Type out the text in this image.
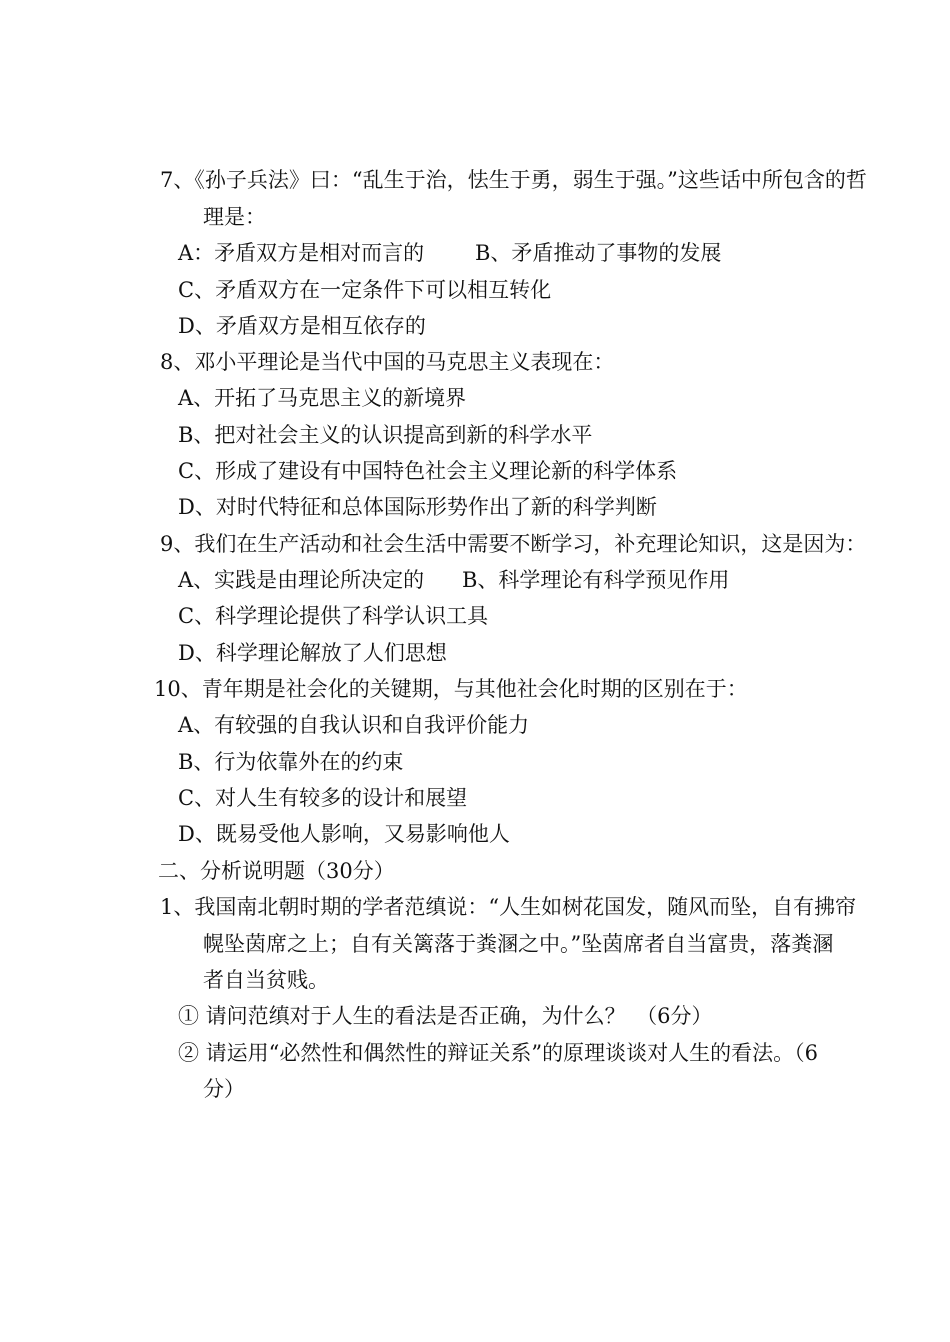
7、《孙子兵法》曰：“乱生于治，怯生于勇，弱生于强。”这些话中所包含的哲
理是：
A：矛盾双方是相对而言的 B、矛盾推动了事物的发展
C、矛盾双方在一定条件下可以相互转化
D、矛盾双方是相互依存的
8、邓小平理论是当代中国的马克思主义表现在：
A、开拓了马克思主义的新境界
B、把对社会主义的认识提高到新的科学水平
C、形成了建设有中国特色社会主义理论新的科学体系
D、对时代特征和总体国际形势作出了新的科学判断
9、我们在生产活动和社会生活中需要不断学习，补充理论知识，这是因为：
A、实践是由理论所决定的 B、科学理论有科学预见作用
C、科学理论提供了科学认识工具
D、科学理论解放了人们思想
10、青年期是社会化的关键期，与其他社会化时期的区别在于：
A、有较强的自我认识和自我评价能力
B、行为依靠外在的约束
C、对人生有较多的设计和展望
D、既易受他人影响，又易影响他人
二、分析说明题（30分）
1、我国南北朝时期的学者范缜说：“人生如树花国发，随风而坠，自有拂帘
幌坠茵席之上；自有关篱落于粪溷之中。”坠茵席者自当富贵，落粪溷
者自当贫贱。
① 请问范缜对于人生的看法是否正确，为什么？　（6分）
② 请运用“必然性和偶然性的辩证关系”的原理谈谈对人生的看法。（6
分）
